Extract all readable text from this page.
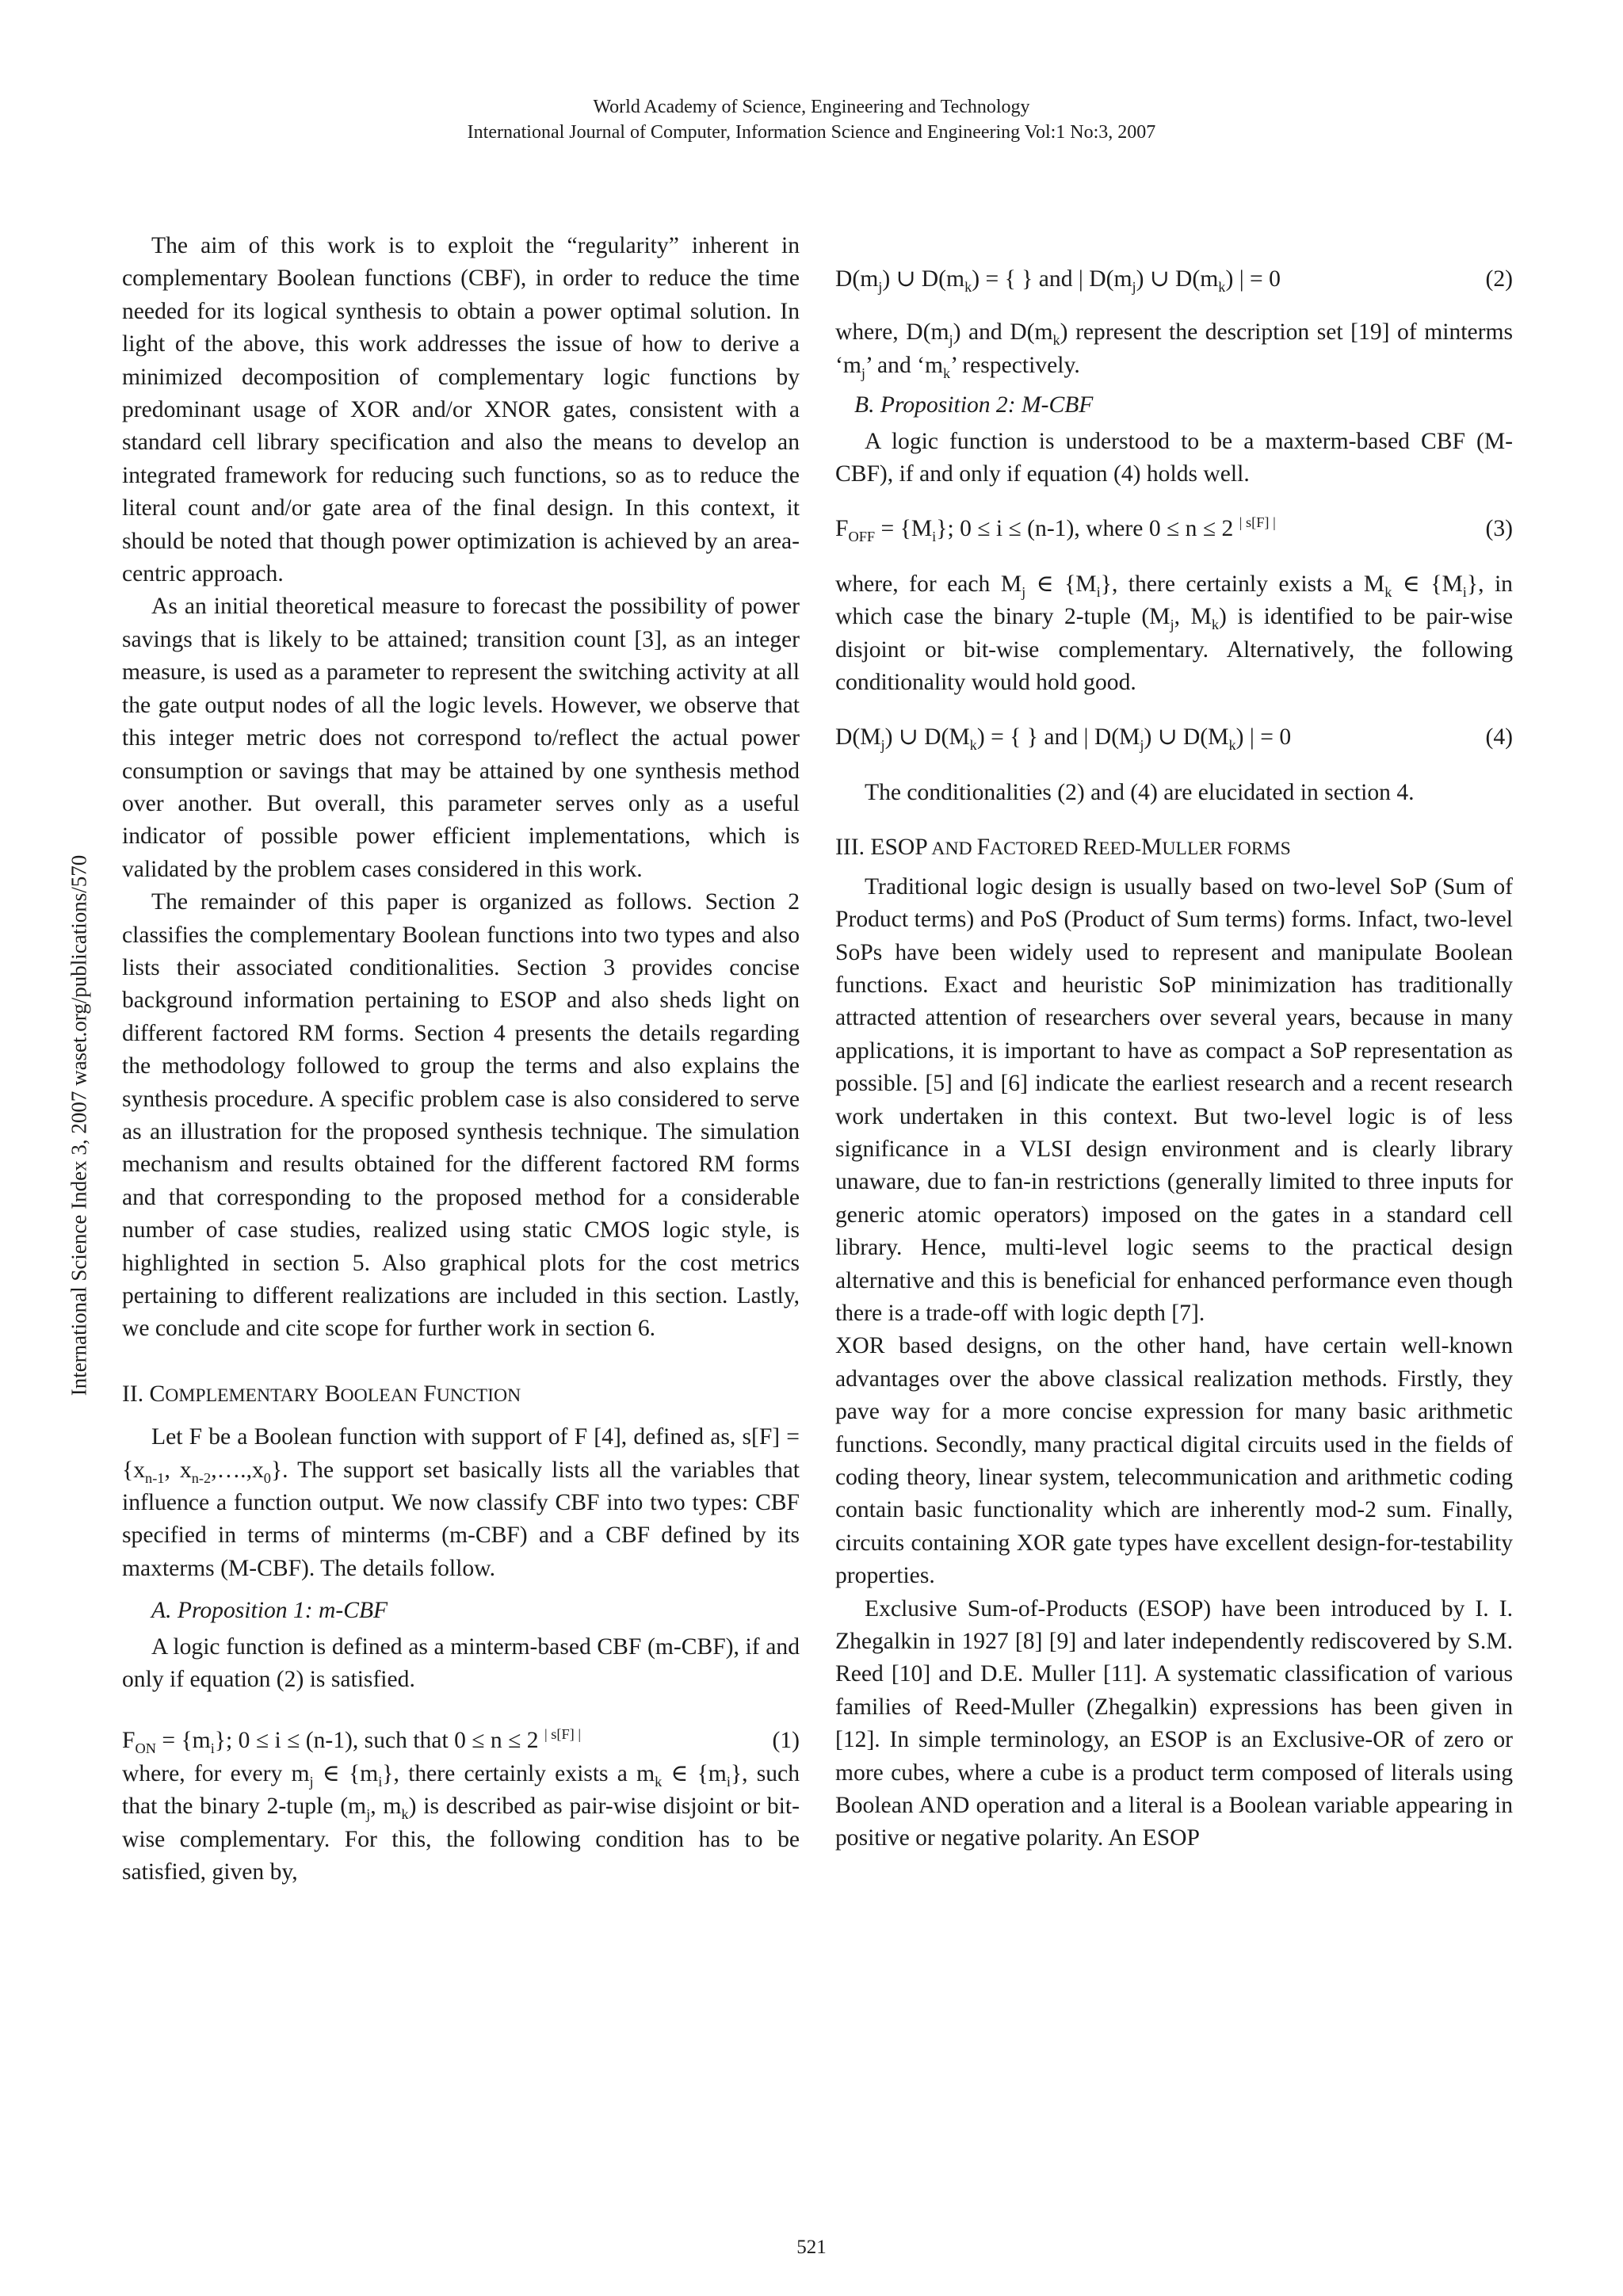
World Academy of Science, Engineering and Technology
International Journal of Computer, Information Science and Engineering Vol:1 No:3, 2007
International Science Index 3, 2007 waset.org/publications/570

The aim of this work is to exploit the “regularity” inherent in complementary Boolean functions (CBF), in order to reduce the time needed for its logical synthesis to obtain a power optimal solution. In light of the above, this work addresses the issue of how to derive a minimized decomposition of complementary logic functions by predominant usage of XOR and/or XNOR gates, consistent with a standard cell library specification and also the means to develop an integrated framework for reducing such functions, so as to reduce the literal count and/or gate area of the final design. In this context, it should be noted that though power optimization is achieved by an area-centric approach.

As an initial theoretical measure to forecast the possibility of power savings that is likely to be attained; transition count [3], as an integer measure, is used as a parameter to represent the switching activity at all the gate output nodes of all the logic levels. However, we observe that this integer metric does not correspond to/reflect the actual power consumption or savings that may be attained by one synthesis method over another. But overall, this parameter serves only as a useful indicator of possible power efficient implementations, which is validated by the problem cases considered in this work.

The remainder of this paper is organized as follows. Section 2 classifies the complementary Boolean functions into two types and also lists their associated conditionalities. Section 3 provides concise background information pertaining to ESOP and also sheds light on different factored RM forms. Section 4 presents the details regarding the methodology followed to group the terms and also explains the synthesis procedure. A specific problem case is also considered to serve as an illustration for the proposed synthesis technique. The simulation mechanism and results obtained for the different factored RM forms and that corresponding to the proposed method for a considerable number of case studies, realized using static CMOS logic style, is highlighted in section 5. Also graphical plots for the cost metrics pertaining to different realizations are included in this section. Lastly, we conclude and cite scope for further work in section 6.

II. COMPLEMENTARY BOOLEAN FUNCTION

Let F be a Boolean function with support of F [4], defined as, $s[F] = \{x_{n-1}$, $x_{n-2},\dots.,x_0$}. The support set basically lists all the variables that influence a function output. We now classify CBF into two types: CBF specified in terms of minterms (m-CBF) and a CBF defined by its maxterms (M-CBF). The details follow.

A. Proposition 1: m-CBF

A logic function is defined as a minterm-based CBF (m-CBF), if and only if equation (2) is satisfied.

$F_{ON} = \{m_i\}$; 0 ≤ i ≤ (n-1), such that 0 ≤ n ≤ 2 $^{| s[F] |}$	(1)

where, for every $m_j$ ∈ $\{m_i\}$, there certainly exists a $m_k$ ∈ $\{m_i\}$, such that the binary 2-tuple ($m_j$, $m_k$) is described as pair-wise disjoint or bit-wise complementary. For this, the following condition has to be satisfied, given by,

$D(m_j)$ ∪ $D(m_k)$ = { } and | $D(m_j)$ ∪ $D(m_k)$ | = 0	(2)

where, $D(m_j)$ and $D(m_k)$ represent the description set [19] of minterms ‘$m_j$’ and ‘$m_k$’ respectively.

B. Proposition 2: M-CBF

A logic function is understood to be a maxterm-based CBF (M-CBF), if and only if equation (4) holds well.

$F_{OFF} = \{M_i\}$; 0 ≤ i ≤ (n-1), where 0 ≤ n ≤ 2 $^{| s[F] |}$	(3)

where, for each $M_j$ ∈ $\{M_i\}$, there certainly exists a $M_k$ ∈ $\{M_i\}$, in which case the binary 2-tuple ($M_j$, $M_k$) is identified to be pair-wise disjoint or bit-wise complementary. Alternatively, the following conditionality would hold good.

$D(M_j)$ ∪ $D(M_k)$ = { } and | $D(M_j)$ ∪ $D(M_k)$ | = 0	(4)

The conditionalities (2) and (4) are elucidated in section 4.

III. ESOP AND FACTORED REED-MULLER FORMS

Traditional logic design is usually based on two-level SoP (Sum of Product terms) and PoS (Product of Sum terms) forms. Infact, two-level SoPs have been widely used to represent and manipulate Boolean functions. Exact and heuristic SoP minimization has traditionally attracted attention of researchers over several years, because in many applications, it is important to have as compact a SoP representation as possible. [5] and [6] indicate the earliest research and a recent research work undertaken in this context. But two-level logic is of less significance in a VLSI design environment and is clearly library unaware, due to fan-in restrictions (generally limited to three inputs for generic atomic operators) imposed on the gates in a standard cell library. Hence, multi-level logic seems to the practical design alternative and this is beneficial for enhanced performance even though there is a trade-off with logic depth [7].

XOR based designs, on the other hand, have certain well-known advantages over the above classical realization methods. Firstly, they pave way for a more concise expression for many basic arithmetic functions. Secondly, many practical digital circuits used in the fields of coding theory, linear system, telecommunication and arithmetic coding contain basic functionality which are inherently mod-2 sum. Finally, circuits containing XOR gate types have excellent design-for-testability properties.

Exclusive Sum-of-Products (ESOP) have been introduced by I. I. Zhegalkin in 1927 [8] [9] and later independently rediscovered by S.M. Reed [10] and D.E. Muller [11]. A systematic classification of various families of Reed-Muller (Zhegalkin) expressions has been given in [12]. In simple terminology, an ESOP is an Exclusive-OR of zero or more cubes, where a cube is a product term composed of literals using Boolean AND operation and a literal is a Boolean variable appearing in positive or negative polarity. An ESOP

521
